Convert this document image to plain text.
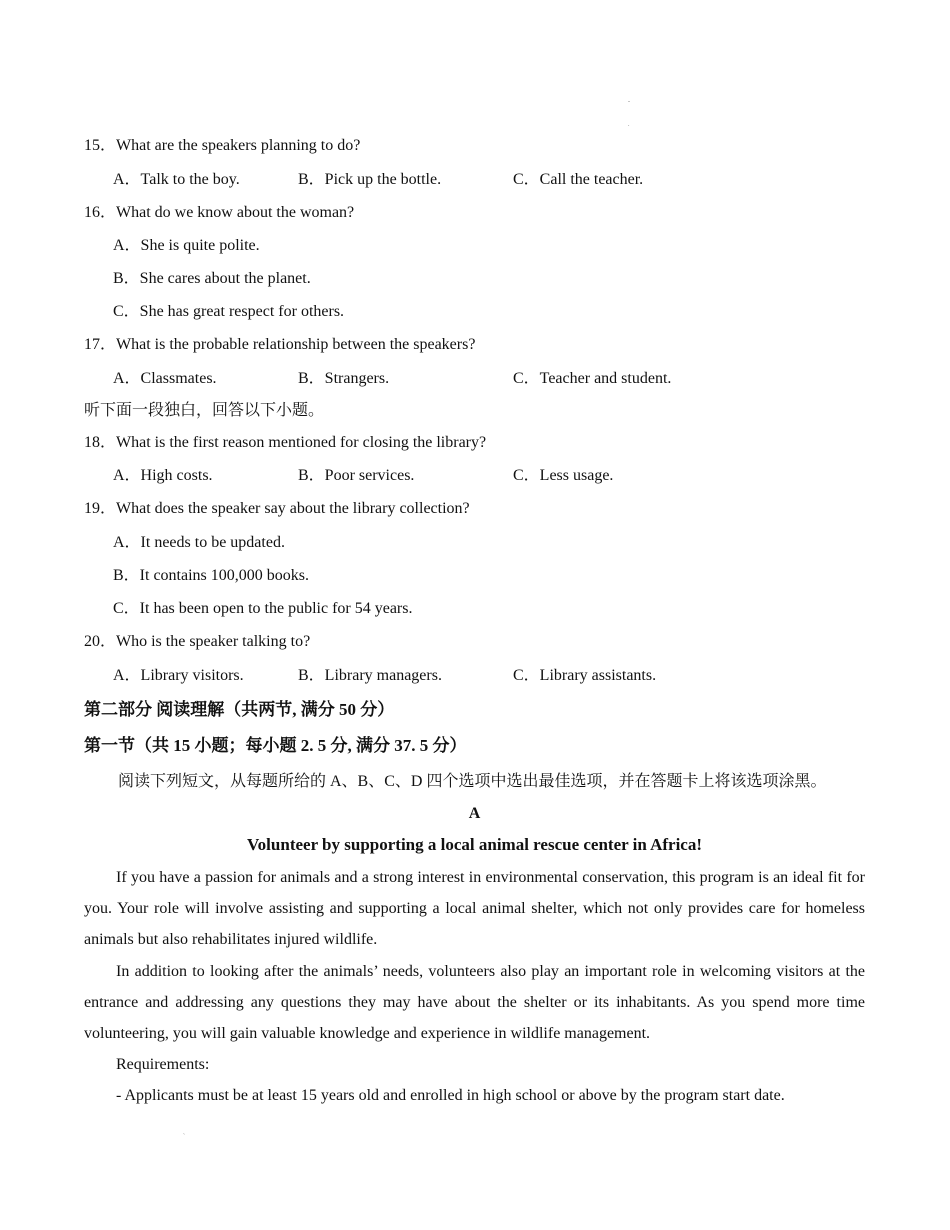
-
.
15．What are the speakers planning to do?
A．Talk to the boy.	B．Pick up the bottle.	C．Call the teacher.
16．What do we know about the woman?
A．She is quite polite.
B．She cares about the planet.
C．She has great respect for others.
17．What is the probable relationship between the speakers?
A．Classmates.	B．Strangers.	C．Teacher and student.
听下面一段独白，回答以下小题。
18．What is the first reason mentioned for closing the library?
A．High costs.	B．Poor services.	C．Less usage.
19．What does the speaker say about the library collection?
A．It needs to be updated.
B．It contains 100,000 books.
C．It has been open to the public for 54 years.
20．Who is the speaker talking to?
A．Library visitors.	B．Library managers.	C．Library assistants.
第二部分 阅读理解（共两节, 满分 50 分）
第一节（共 15 小题；每小题 2. 5 分, 满分 37. 5 分）
阅读下列短文，从每题所给的 A、B、C、D 四个选项中选出最佳选项，并在答题卡上将该选项涂黑。
A
Volunteer by supporting a local animal rescue center in Africa!
If you have a passion for animals and a strong interest in environmental conservation, this program is an ideal fit for you. Your role will involve assisting and supporting a local animal shelter, which not only provides care for homeless animals but also rehabilitates injured wildlife.
In addition to looking after the animals’ needs, volunteers also play an important role in welcoming visitors at the entrance and addressing any questions they may have about the shelter or its inhabitants. As you spend more time volunteering, you will gain valuable knowledge and experience in wildlife management.
Requirements:
- Applicants must be at least 15 years old and enrolled in high school or above by the program start date.
`
